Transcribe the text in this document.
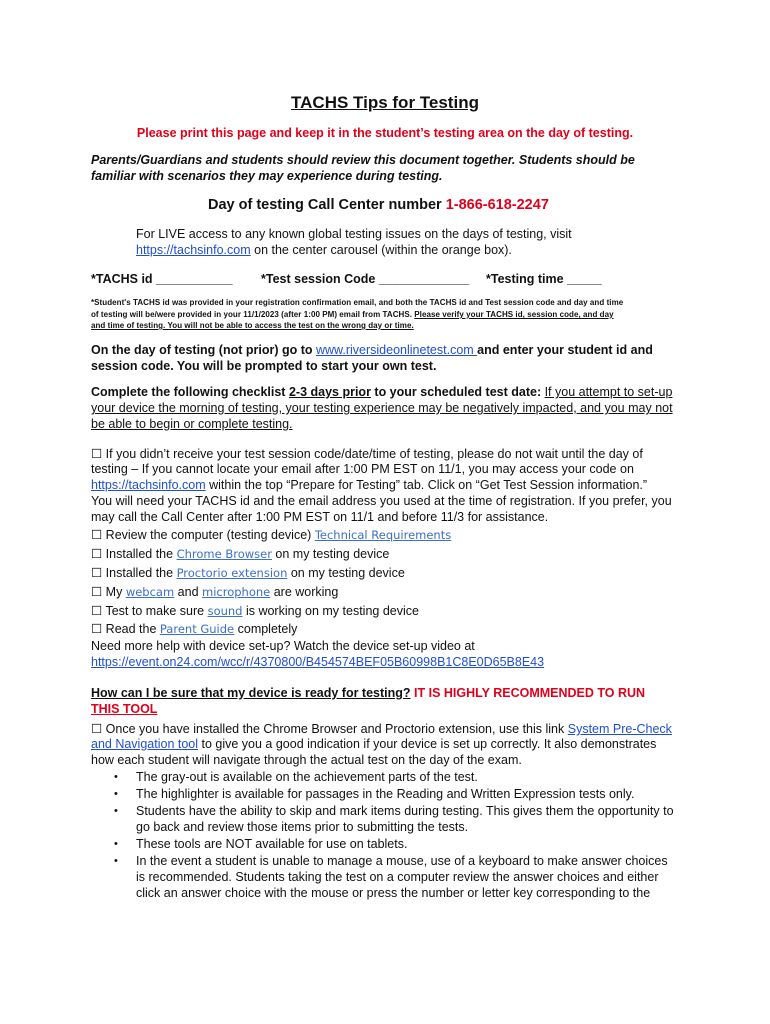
TACHS Tips for Testing
Please print this page and keep it in the student’s testing area on the day of testing.
Parents/Guardians and students should review this document together. Students should be
familiar with scenarios they may experience during testing.
Day of testing Call Center number 1-866-618-2247
For LIVE access to any known global testing issues on the days of testing, visit
https://tachsinfo.com on the center carousel (within the orange box).
*TACHS id ___________ *Test session Code _____________ *Testing time _____
*Student's TACHS id was provided in your registration confirmation email, and both the TACHS id and Test session code and day and time
of testing will be/were provided in your 11/1/2023 (after 1:00 PM) email from TACHS. Please verify your TACHS id, session code, and day
and time of testing. You will not be able to access the test on the wrong day or time.
On the day of testing (not prior) go to www.riversideonlinetest.com and enter your student id and
session code. You will be prompted to start your own test.
Complete the following checklist 2-3 days prior to your scheduled test date: If you attempt to set-up
your device the morning of testing, your testing experience may be negatively impacted, and you may not
be able to begin or complete testing.
☐ If you didn’t receive your test session code/date/time of testing, please do not wait until the day of
testing – If you cannot locate your email after 1:00 PM EST on 11/1, you may access your code on
https://tachsinfo.com within the top “Prepare for Testing” tab. Click on “Get Test Session information.”
You will need your TACHS id and the email address you used at the time of registration. If you prefer, you
may call the Call Center after 1:00 PM EST on 11/1 and before 11/3 for assistance.
☐ Review the computer (testing device) Technical Requirements
☐ Installed the Chrome Browser on my testing device
☐ Installed the Proctorio extension on my testing device
☐ My webcam and microphone are working
☐ Test to make sure sound is working on my testing device
☐ Read the Parent Guide completely
Need more help with device set-up? Watch the device set-up video at
https://event.on24.com/wcc/r/4370800/B454574BEF05B60998B1C8E0D65B8E43
How can I be sure that my device is ready for testing? IT IS HIGHLY RECOMMENDED TO RUN
THIS TOOL
☐ Once you have installed the Chrome Browser and Proctorio extension, use this link System Pre-Check
and Navigation tool to give you a good indication if your device is set up correctly. It also demonstrates
how each student will navigate through the actual test on the day of the exam.
• The gray-out is available on the achievement parts of the test.
• The highlighter is available for passages in the Reading and Written Expression tests only.
• Students have the ability to skip and mark items during testing. This gives them the opportunity to
go back and review those items prior to submitting the tests.
• These tools are NOT available for use on tablets.
• In the event a student is unable to manage a mouse, use of a keyboard to make answer choices
is recommended. Students taking the test on a computer review the answer choices and either
click an answer choice with the mouse or press the number or letter key corresponding to the
